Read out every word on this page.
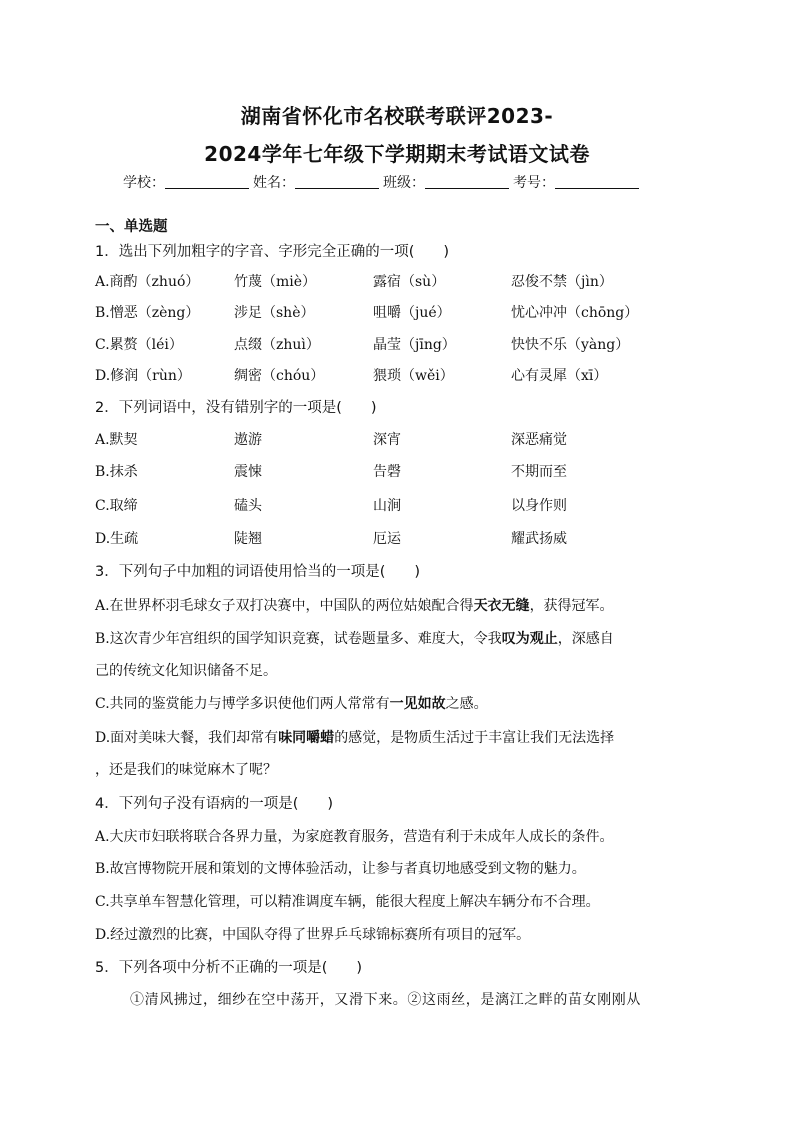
湖南省怀化市名校联考联评2023-
2024学年七年级下学期期末考试语文试卷
学校：	姓名：	班级：	考号：
一、单选题
1．选出下列加粗字的字音、字形完全正确的一项(　　)
A.商酌（zhuó） 竹蔑（miè）	露宿（sù）	忍俊不禁（jìn）
B.憎恶（zèng） 涉足（shè）	咀嚼（jué）	忧心冲冲（chōng）
C.累赘（léi）	点缀（zhuì）	晶莹（jīng）	快快不乐（yàng）
D.修润（rùn）	绸密（chóu）	猥琐（wěi）	心有灵犀（xī）
2．下列词语中，没有错别字的一项是(　　)
A.默契	遨游	深宵	深恶痛觉
B.抹杀	震悚	告磬	不期而至
C.取缔	磕头	山涧	以身作则
D.生疏	陡翘	厄运	耀武扬威
3．下列句子中加粗的词语使用恰当的一项是(　　)
A.在世界杯羽毛球女子双打决赛中，中国队的两位姑娘配合得天衣无缝，获得冠军。
B.这次青少年宫组织的国学知识竞赛，试卷题量多、难度大，令我叹为观止，深感自
己的传统文化知识储备不足。
C.共同的鉴赏能力与博学多识使他们两人常常有一见如故之感。
D.面对美味大餐，我们却常有味同嚼蜡的感觉，是物质生活过于丰富让我们无法选择
，还是我们的味觉麻木了呢？
4．下列句子没有语病的一项是(　　)
A.大庆市妇联将联合各界力量，为家庭教育服务，营造有利于未成年人成长的条件。
B.故宫博物院开展和策划的文博体验活动，让参与者真切地感受到文物的魅力。
C.共享单车智慧化管理，可以精准调度车辆，能很大程度上解决车辆分布不合理。
D.经过激烈的比赛，中国队夺得了世界乒乓球锦标赛所有项目的冠军。
5．下列各项中分析不正确的一项是(　　)
①清风拂过，细纱在空中荡开，又滑下来。②这雨丝，是漓江之畔的苗女刚刚从
